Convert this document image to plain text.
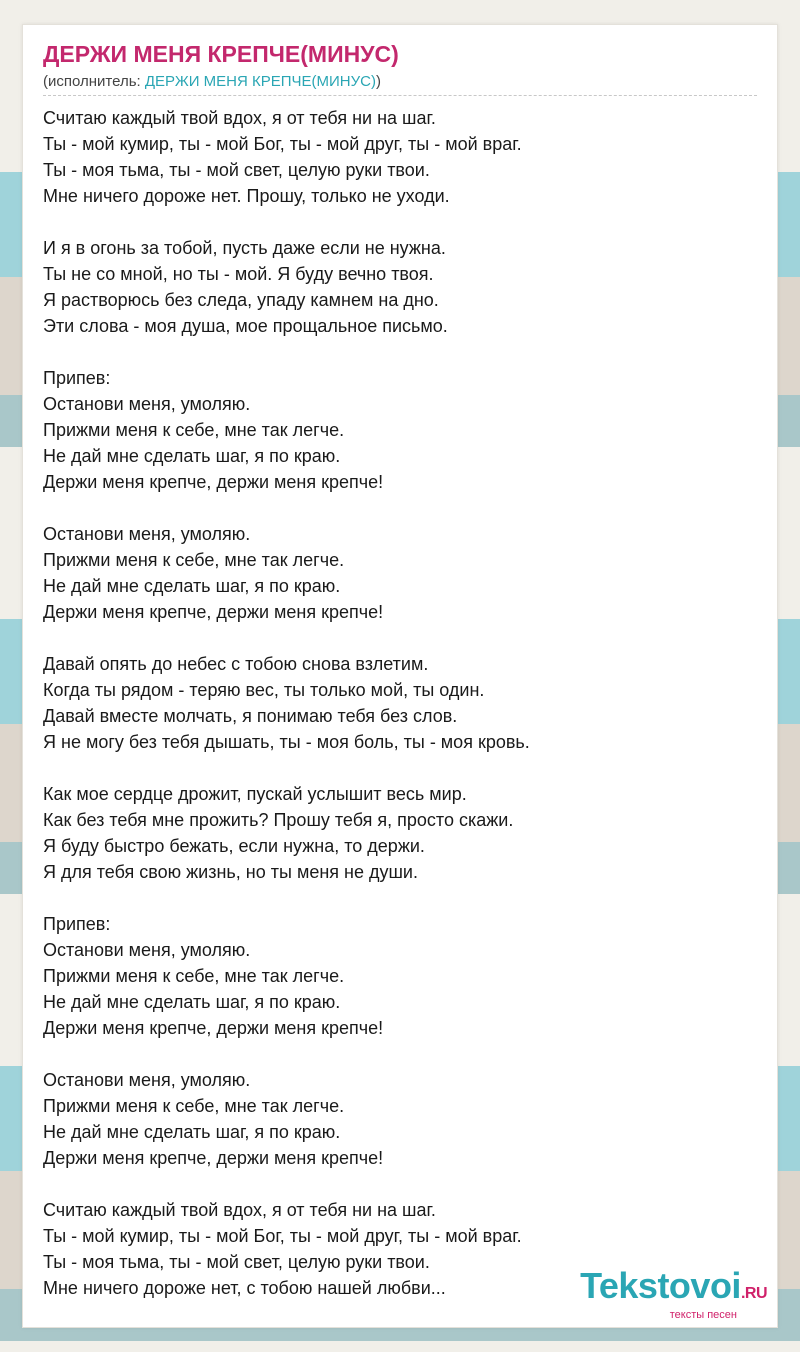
ДЕРЖИ МЕНЯ КРЕПЧЕ(МИНУС)
(исполнитель: ДЕРЖИ МЕНЯ КРЕПЧЕ(МИНУС))
Считаю каждый твой вдох, я от тебя ни на шаг.
Ты - мой кумир, ты - мой Бог, ты - мой друг, ты - мой враг.
Ты - моя тьма, ты - мой свет, целую руки твои.
Мне ничего дороже нет. Прошу, только не уходи.
И я в огонь за тобой, пусть даже если не нужна.
Ты не со мной, но ты - мой. Я буду вечно твоя.
Я растворюсь без следа, упаду камнем на дно.
Эти слова - моя душа, мое прощальное письмо.
Припев:
Останови меня, умоляю.
Прижми меня к себе, мне так легче.
Не дай мне сделать шаг, я по краю.
Держи меня крепче, держи меня крепче!
Останови меня, умоляю.
Прижми меня к себе, мне так легче.
Не дай мне сделать шаг, я по краю.
Держи меня крепче, держи меня крепче!
Давай опять до небес с тобою снова взлетим.
Когда ты рядом - теряю вес, ты только мой, ты один.
Давай вместе молчать, я понимаю тебя без слов.
Я не могу без тебя дышать, ты - моя боль, ты - моя кровь.
Как мое сердце дрожит, пускай услышит весь мир.
Как без тебя мне прожить? Прошу тебя я, просто скажи.
Я буду быстро бежать, если нужна, то держи.
Я для тебя свою жизнь, но ты меня не души.
Припев:
Останови меня, умоляю.
Прижми меня к себе, мне так легче.
Не дай мне сделать шаг, я по краю.
Держи меня крепче, держи меня крепче!
Останови меня, умоляю.
Прижми меня к себе, мне так легче.
Не дай мне сделать шаг, я по краю.
Держи меня крепче, держи меня крепче!
Считаю каждый твой вдох, я от тебя ни на шаг.
Ты - мой кумир, ты - мой Бог, ты - мой друг, ты - мой враг.
Ты - моя тьма, ты - мой свет, целую руки твои.
Мне ничего дороже нет, с тобою нашей любви...	Tekstovoi.RU
тексты песен
